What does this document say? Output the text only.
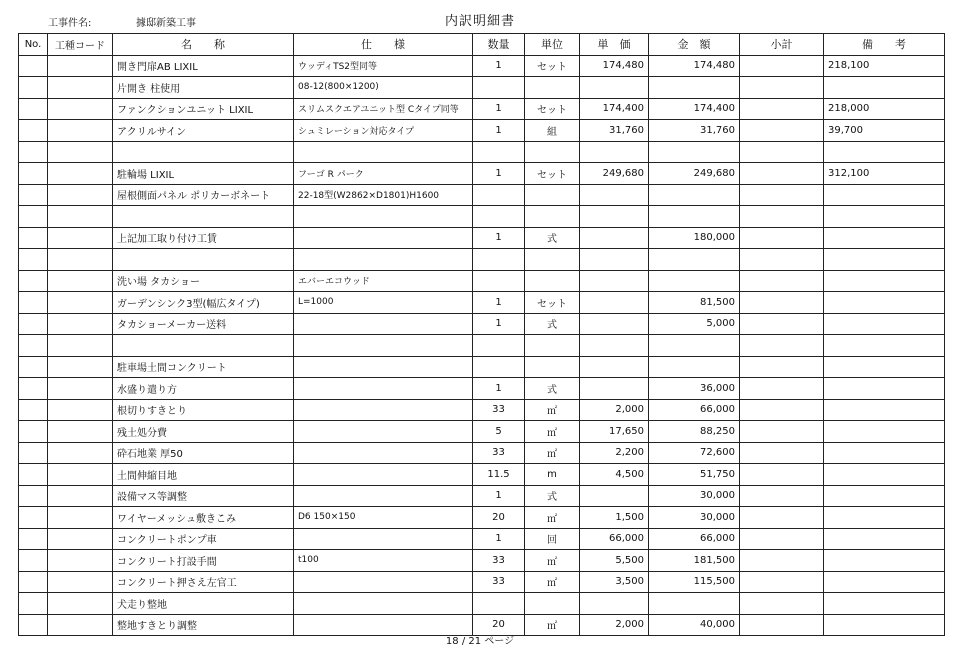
工事件名:	據邸新築工事	内訳明細書
No.	工種コード	名　　称	仕　　様	数量	単位	単　価	金　額	小計	備　　考
		開き門扉AB LIXIL	ウッディTS2型同等	1	セット	174,480	174,480		218,100
		片開き 柱使用	08-12(800×1200)						
		ファンクションユニット LIXIL	スリムスクエアユニット型 Cタイプ同等	1	セット	174,400	174,400		218,000
		アクリルサイン	シュミレーション対応タイプ	1	組	31,760	31,760		39,700

		駐輪場 LIXIL	フーゴ R パーク	1	セット	249,680	249,680		312,100
		屋根側面パネル ポリカーボネート	22-18型(W2862×D1801)H1600						

		上記加工取り付け工賃		1	式		180,000		

		洗い場 タカショー	エバーエコウッド						
		ガーデンシンク3型(幅広タイプ)	L=1000	1	セット		81,500		
		タカショーメーカー送料		1	式		5,000		

		駐車場土間コンクリート							
		水盛り遣り方		1	式		36,000		
		根切りすきとり		33	㎡	2,000	66,000		
		残土処分費		5	㎡	17,650	88,250		
		砕石地業 厚50		33	㎡	2,200	72,600		
		土間伸縮目地		11.5	m	4,500	51,750		
		設備マス等調整		1	式		30,000		
		ワイヤーメッシュ敷きこみ	D6 150×150	20	㎡	1,500	30,000		
		コンクリートポンプ車		1	回	66,000	66,000		
		コンクリート打設手間	t100	33	㎡	5,500	181,500		
		コンクリート押さえ左官工		33	㎡	3,500	115,500		
		犬走り整地							
		整地すきとり調整		20	㎡	2,000	40,000		
18 / 21 ページ
